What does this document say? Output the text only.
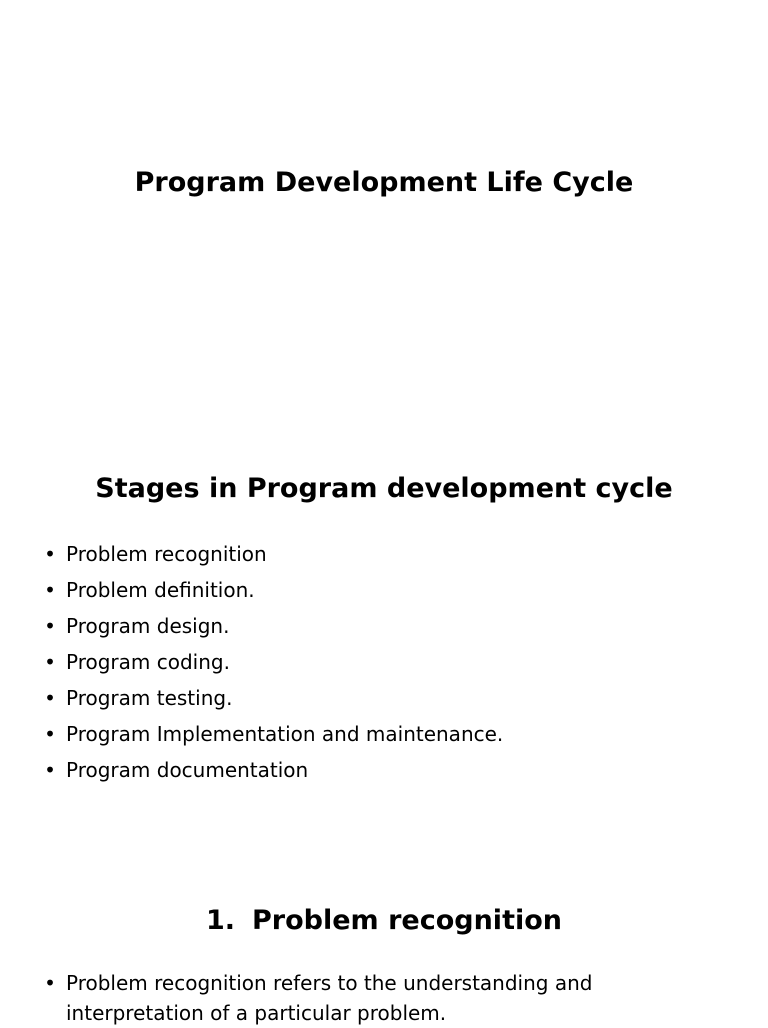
Program Development Life Cycle
Stages in Program development cycle
• Problem recognition
• Problem definition.
• Program design.
• Program coding.
• Program testing.
• Program Implementation and maintenance.
• Program documentation
1. Problem recognition
• Problem recognition refers to the understanding and interpretation of a particular problem.
